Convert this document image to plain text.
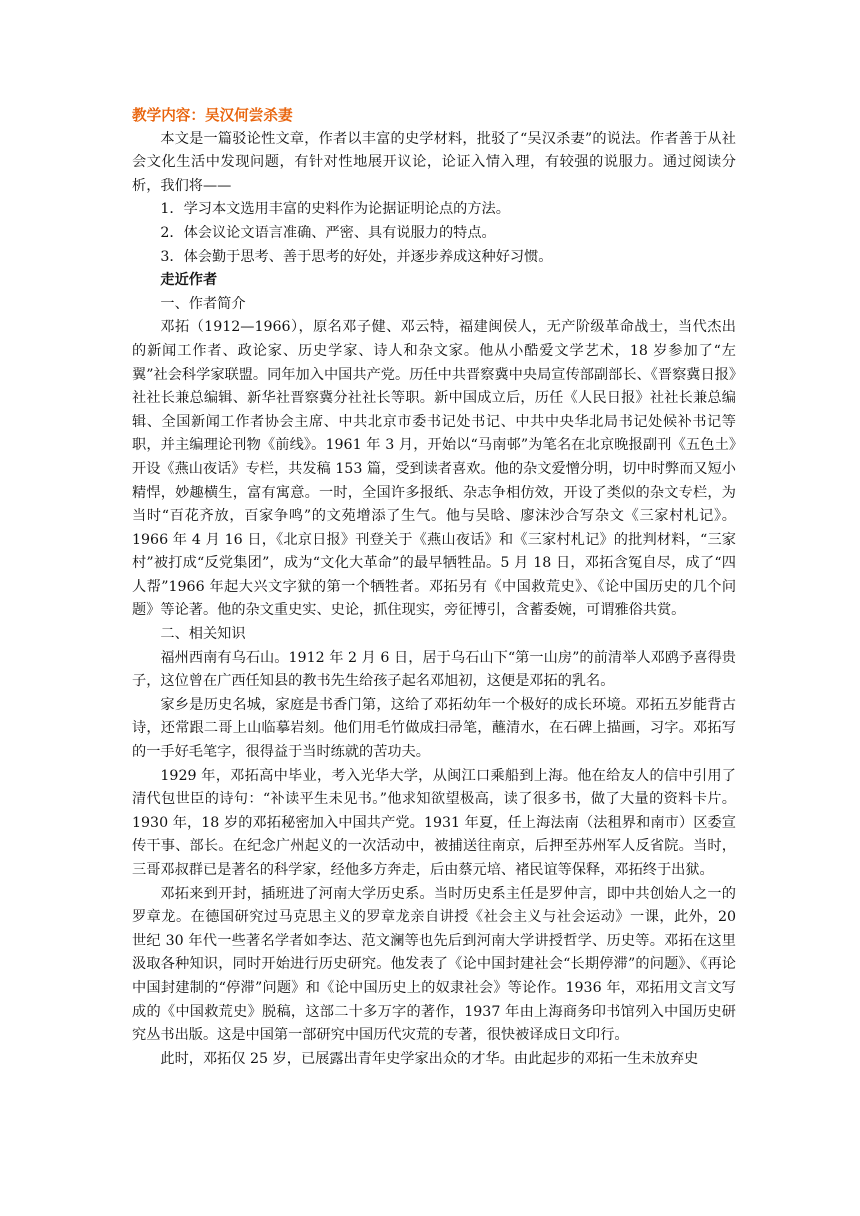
教学内容：吴汉何尝杀妻

本文是一篇驳论性文章，作者以丰富的史学材料，批驳了“吴汉杀妻”的说法。作者善于从社会文化生活中发现问题，有针对性地展开议论，论证入情入理，有较强的说服力。通过阅读分析，我们将——

1．学习本文选用丰富的史料作为论据证明论点的方法。

2．体会议论文语言准确、严密、具有说服力的特点。

3．体会勤于思考、善于思考的好处，并逐步养成这种好习惯。

走近作者

一、作者简介

邓拓（1912—1966），原名邓子健、邓云特，福建闽侯人，无产阶级革命战士，当代杰出的新闻工作者、政论家、历史学家、诗人和杂文家。他从小酷爱文学艺术，18 岁参加了“左翼”社会科学家联盟。同年加入中国共产党。历任中共晋察冀中央局宣传部副部长、《晋察冀日报》社社长兼总编辑、新华社晋察冀分社社长等职。新中国成立后，历任《人民日报》社社长兼总编辑、全国新闻工作者协会主席、中共北京市委书记处书记、中共中央华北局书记处候补书记等职，并主编理论刊物《前线》。1961 年 3 月，开始以“马南邨”为笔名在北京晚报副刊《五色土》开设《燕山夜话》专栏，共发稿 153 篇，受到读者喜欢。他的杂文爱憎分明，切中时弊而又短小精悍，妙趣横生，富有寓意。一时，全国许多报纸、杂志争相仿效，开设了类似的杂文专栏，为当时“百花齐放，百家争鸣”的文苑增添了生气。他与吴晗、廖沫沙合写杂文《三家村札记》。1966 年 4 月 16 日，《北京日报》刊登关于《燕山夜话》和《三家村札记》的批判材料，“三家村”被打成“反党集团”，成为“文化大革命”的最早牺牲品。5 月 18 日，邓拓含冤自尽，成了“四人帮”1966 年起大兴文字狱的第一个牺牲者。邓拓另有《中国救荒史》、《论中国历史的几个问题》等论著。他的杂文重史实、史论，抓住现实，旁征博引，含蓄委婉，可谓雅俗共赏。

二、相关知识

福州西南有乌石山。1912 年 2 月 6 日，居于乌石山下“第一山房”的前清举人邓鸥予喜得贵子，这位曾在广西任知县的教书先生给孩子起名邓旭初，这便是邓拓的乳名。

家乡是历史名城，家庭是书香门第，这给了邓拓幼年一个极好的成长环境。邓拓五岁能背古诗，还常跟二哥上山临摹岩刻。他们用毛竹做成扫帚笔，蘸清水，在石碑上描画，习字。邓拓写的一手好毛笔字，很得益于当时练就的苦功夫。

1929 年，邓拓高中毕业，考入光华大学，从闽江口乘船到上海。他在给友人的信中引用了清代包世臣的诗句：“补读平生未见书。”他求知欲望极高，读了很多书，做了大量的资料卡片。1930 年，18 岁的邓拓秘密加入中国共产党。1931 年夏，任上海法南（法租界和南市）区委宣传干事、部长。在纪念广州起义的一次活动中，被捕送往南京，后押至苏州军人反省院。当时，三哥邓叔群已是著名的科学家，经他多方奔走，后由蔡元培、褚民谊等保释，邓拓终于出狱。

邓拓来到开封，插班进了河南大学历史系。当时历史系主任是罗仲言，即中共创始人之一的罗章龙。在德国研究过马克思主义的罗章龙亲自讲授《社会主义与社会运动》一课，此外，20 世纪 30 年代一些著名学者如李达、范文澜等也先后到河南大学讲授哲学、历史等。邓拓在这里汲取各种知识，同时开始进行历史研究。他发表了《论中国封建社会“长期停滞”的问题》、《再论中国封建制的“停滞”问题》和《论中国历史上的奴隶社会》等论作。1936 年，邓拓用文言文写成的《中国救荒史》脱稿，这部二十多万字的著作，1937 年由上海商务印书馆列入中国历史研究丛书出版。这是中国第一部研究中国历代灾荒的专著，很快被译成日文印行。

此时，邓拓仅 25 岁，已展露出青年史学家出众的才华。由此起步的邓拓一生未放弃史
